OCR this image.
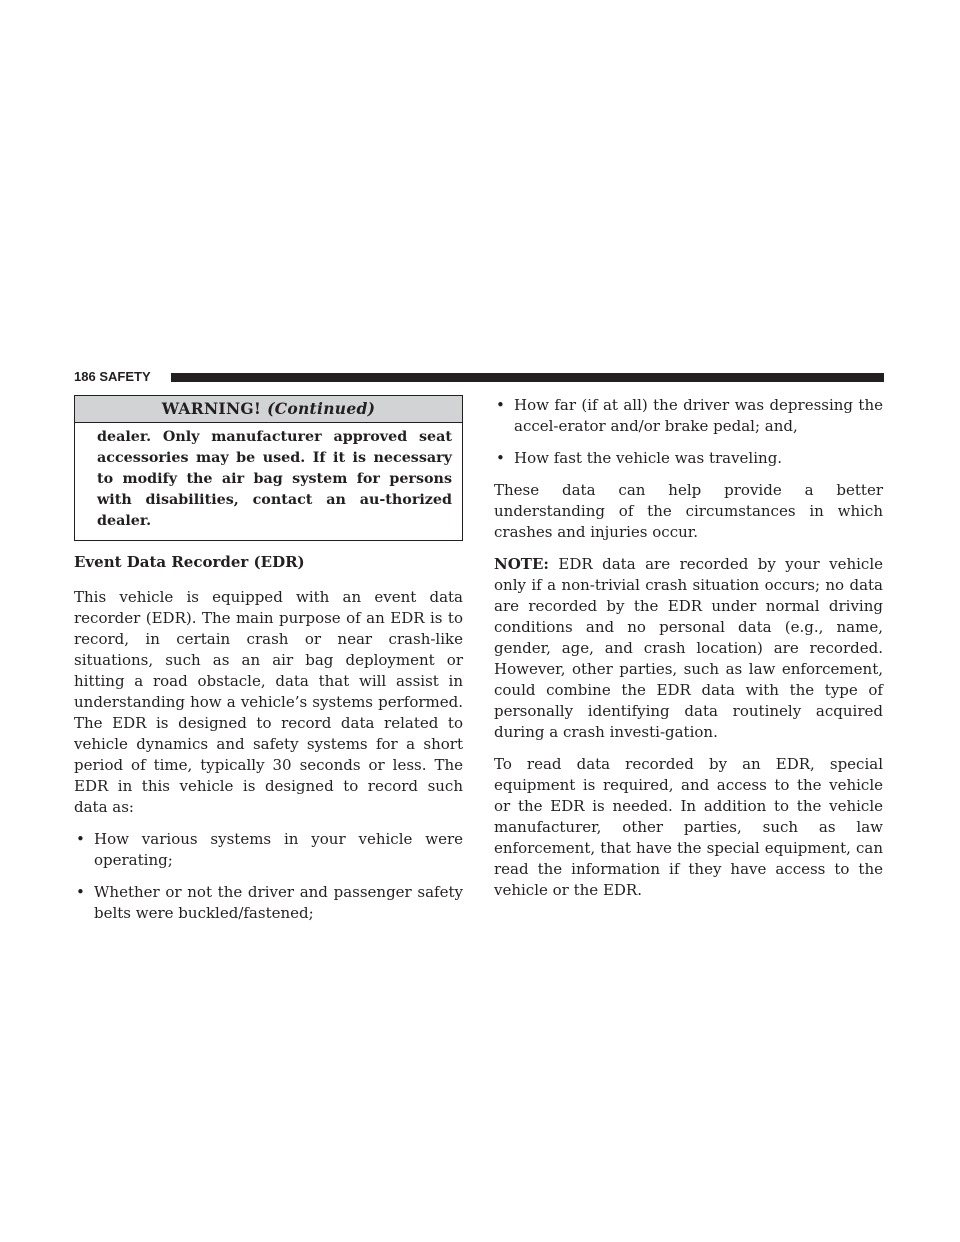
186 SAFETY
WARNING! (Continued)
dealer. Only manufacturer approved seat accessories may be used. If it is necessary to modify the air bag system for persons with disabilities, contact an au-thorized dealer.

Event Data Recorder (EDR)

This vehicle is equipped with an event data recorder (EDR). The main purpose of an EDR is to record, in certain crash or near crash-like situations, such as an air bag deployment or hitting a road obstacle, data that will assist in understanding how a vehicle’s systems performed. The EDR is designed to record data related to vehicle dynamics and safety systems for a short period of time, typically 30 seconds or less. The EDR in this vehicle is designed to record such data as:

• How various systems in your vehicle were operating;
• Whether or not the driver and passenger safety belts were buckled/fastened;
• How far (if at all) the driver was depressing the accel-erator and/or brake pedal; and,
• How fast the vehicle was traveling.

These data can help provide a better understanding of the circumstances in which crashes and injuries occur.

NOTE: EDR data are recorded by your vehicle only if a non-trivial crash situation occurs; no data are recorded by the EDR under normal driving conditions and no personal data (e.g., name, gender, age, and crash location) are recorded. However, other parties, such as law enforcement, could combine the EDR data with the type of personally identifying data routinely acquired during a crash investi-gation.

To read data recorded by an EDR, special equipment is required, and access to the vehicle or the EDR is needed. In addition to the vehicle manufacturer, other parties, such as law enforcement, that have the special equipment, can read the information if they have access to the vehicle or the EDR.
